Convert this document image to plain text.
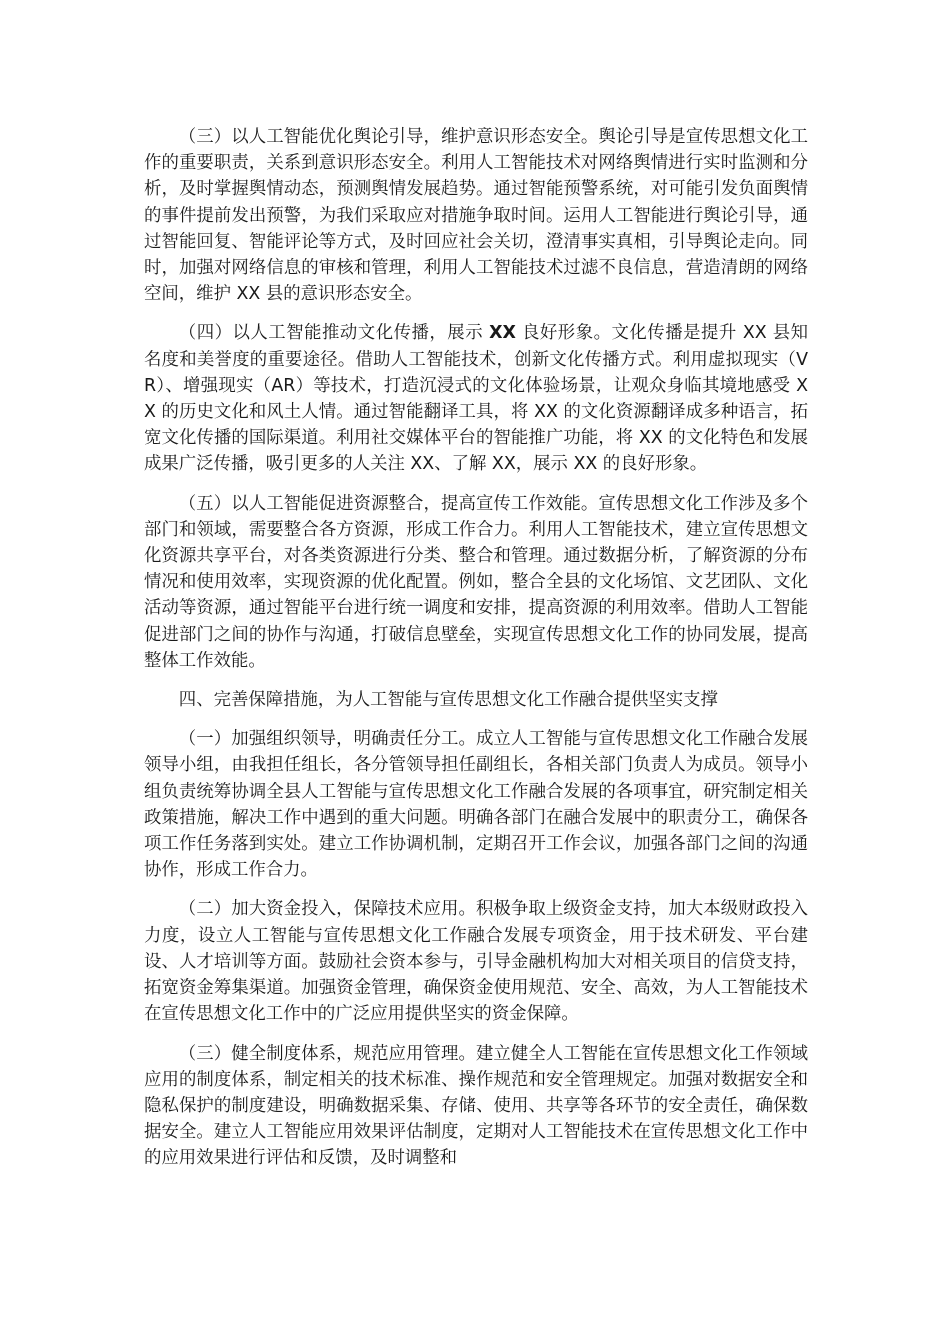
（三）以人工智能优化舆论引导，维护意识形态安全。舆论引导是宣传思想文化工作的重要职责，关系到意识形态安全。利用人工智能技术对网络舆情进行实时监测和分析，及时掌握舆情动态，预测舆情发展趋势。通过智能预警系统，对可能引发负面舆情的事件提前发出预警，为我们采取应对措施争取时间。运用人工智能进行舆论引导，通过智能回复、智能评论等方式，及时回应社会关切，澄清事实真相，引导舆论走向。同时，加强对网络信息的审核和管理，利用人工智能技术过滤不良信息，营造清朗的网络空间，维护 XX 县的意识形态安全。

（四）以人工智能推动文化传播，展示 XX 良好形象。文化传播是提升 XX 县知名度和美誉度的重要途径。借助人工智能技术，创新文化传播方式。利用虚拟现实（VR）、增强现实（AR）等技术，打造沉浸式的文化体验场景，让观众身临其境地感受 XX 的历史文化和风土人情。通过智能翻译工具，将 XX 的文化资源翻译成多种语言，拓宽文化传播的国际渠道。利用社交媒体平台的智能推广功能，将 XX 的文化特色和发展成果广泛传播，吸引更多的人关注 XX、了解 XX，展示 XX 的良好形象。

（五）以人工智能促进资源整合，提高宣传工作效能。宣传思想文化工作涉及多个部门和领域，需要整合各方资源，形成工作合力。利用人工智能技术，建立宣传思想文化资源共享平台，对各类资源进行分类、整合和管理。通过数据分析，了解资源的分布情况和使用效率，实现资源的优化配置。例如，整合全县的文化场馆、文艺团队、文化活动等资源，通过智能平台进行统一调度和安排，提高资源的利用效率。借助人工智能促进部门之间的协作与沟通，打破信息壁垒，实现宣传思想文化工作的协同发展，提高整体工作效能。

四、完善保障措施，为人工智能与宣传思想文化工作融合提供坚实支撑

（一）加强组织领导，明确责任分工。成立人工智能与宣传思想文化工作融合发展领导小组，由我担任组长，各分管领导担任副组长，各相关部门负责人为成员。领导小组负责统筹协调全县人工智能与宣传思想文化工作融合发展的各项事宜，研究制定相关政策措施，解决工作中遇到的重大问题。明确各部门在融合发展中的职责分工，确保各项工作任务落到实处。建立工作协调机制，定期召开工作会议，加强各部门之间的沟通协作，形成工作合力。

（二）加大资金投入，保障技术应用。积极争取上级资金支持，加大本级财政投入力度，设立人工智能与宣传思想文化工作融合发展专项资金，用于技术研发、平台建设、人才培训等方面。鼓励社会资本参与，引导金融机构加大对相关项目的信贷支持，拓宽资金筹集渠道。加强资金管理，确保资金使用规范、安全、高效，为人工智能技术在宣传思想文化工作中的广泛应用提供坚实的资金保障。

（三）健全制度体系，规范应用管理。建立健全人工智能在宣传思想文化工作领域应用的制度体系，制定相关的技术标准、操作规范和安全管理规定。加强对数据安全和隐私保护的制度建设，明确数据采集、存储、使用、共享等各环节的安全责任，确保数据安全。建立人工智能应用效果评估制度，定期对人工智能技术在宣传思想文化工作中的应用效果进行评估和反馈，及时调整和
